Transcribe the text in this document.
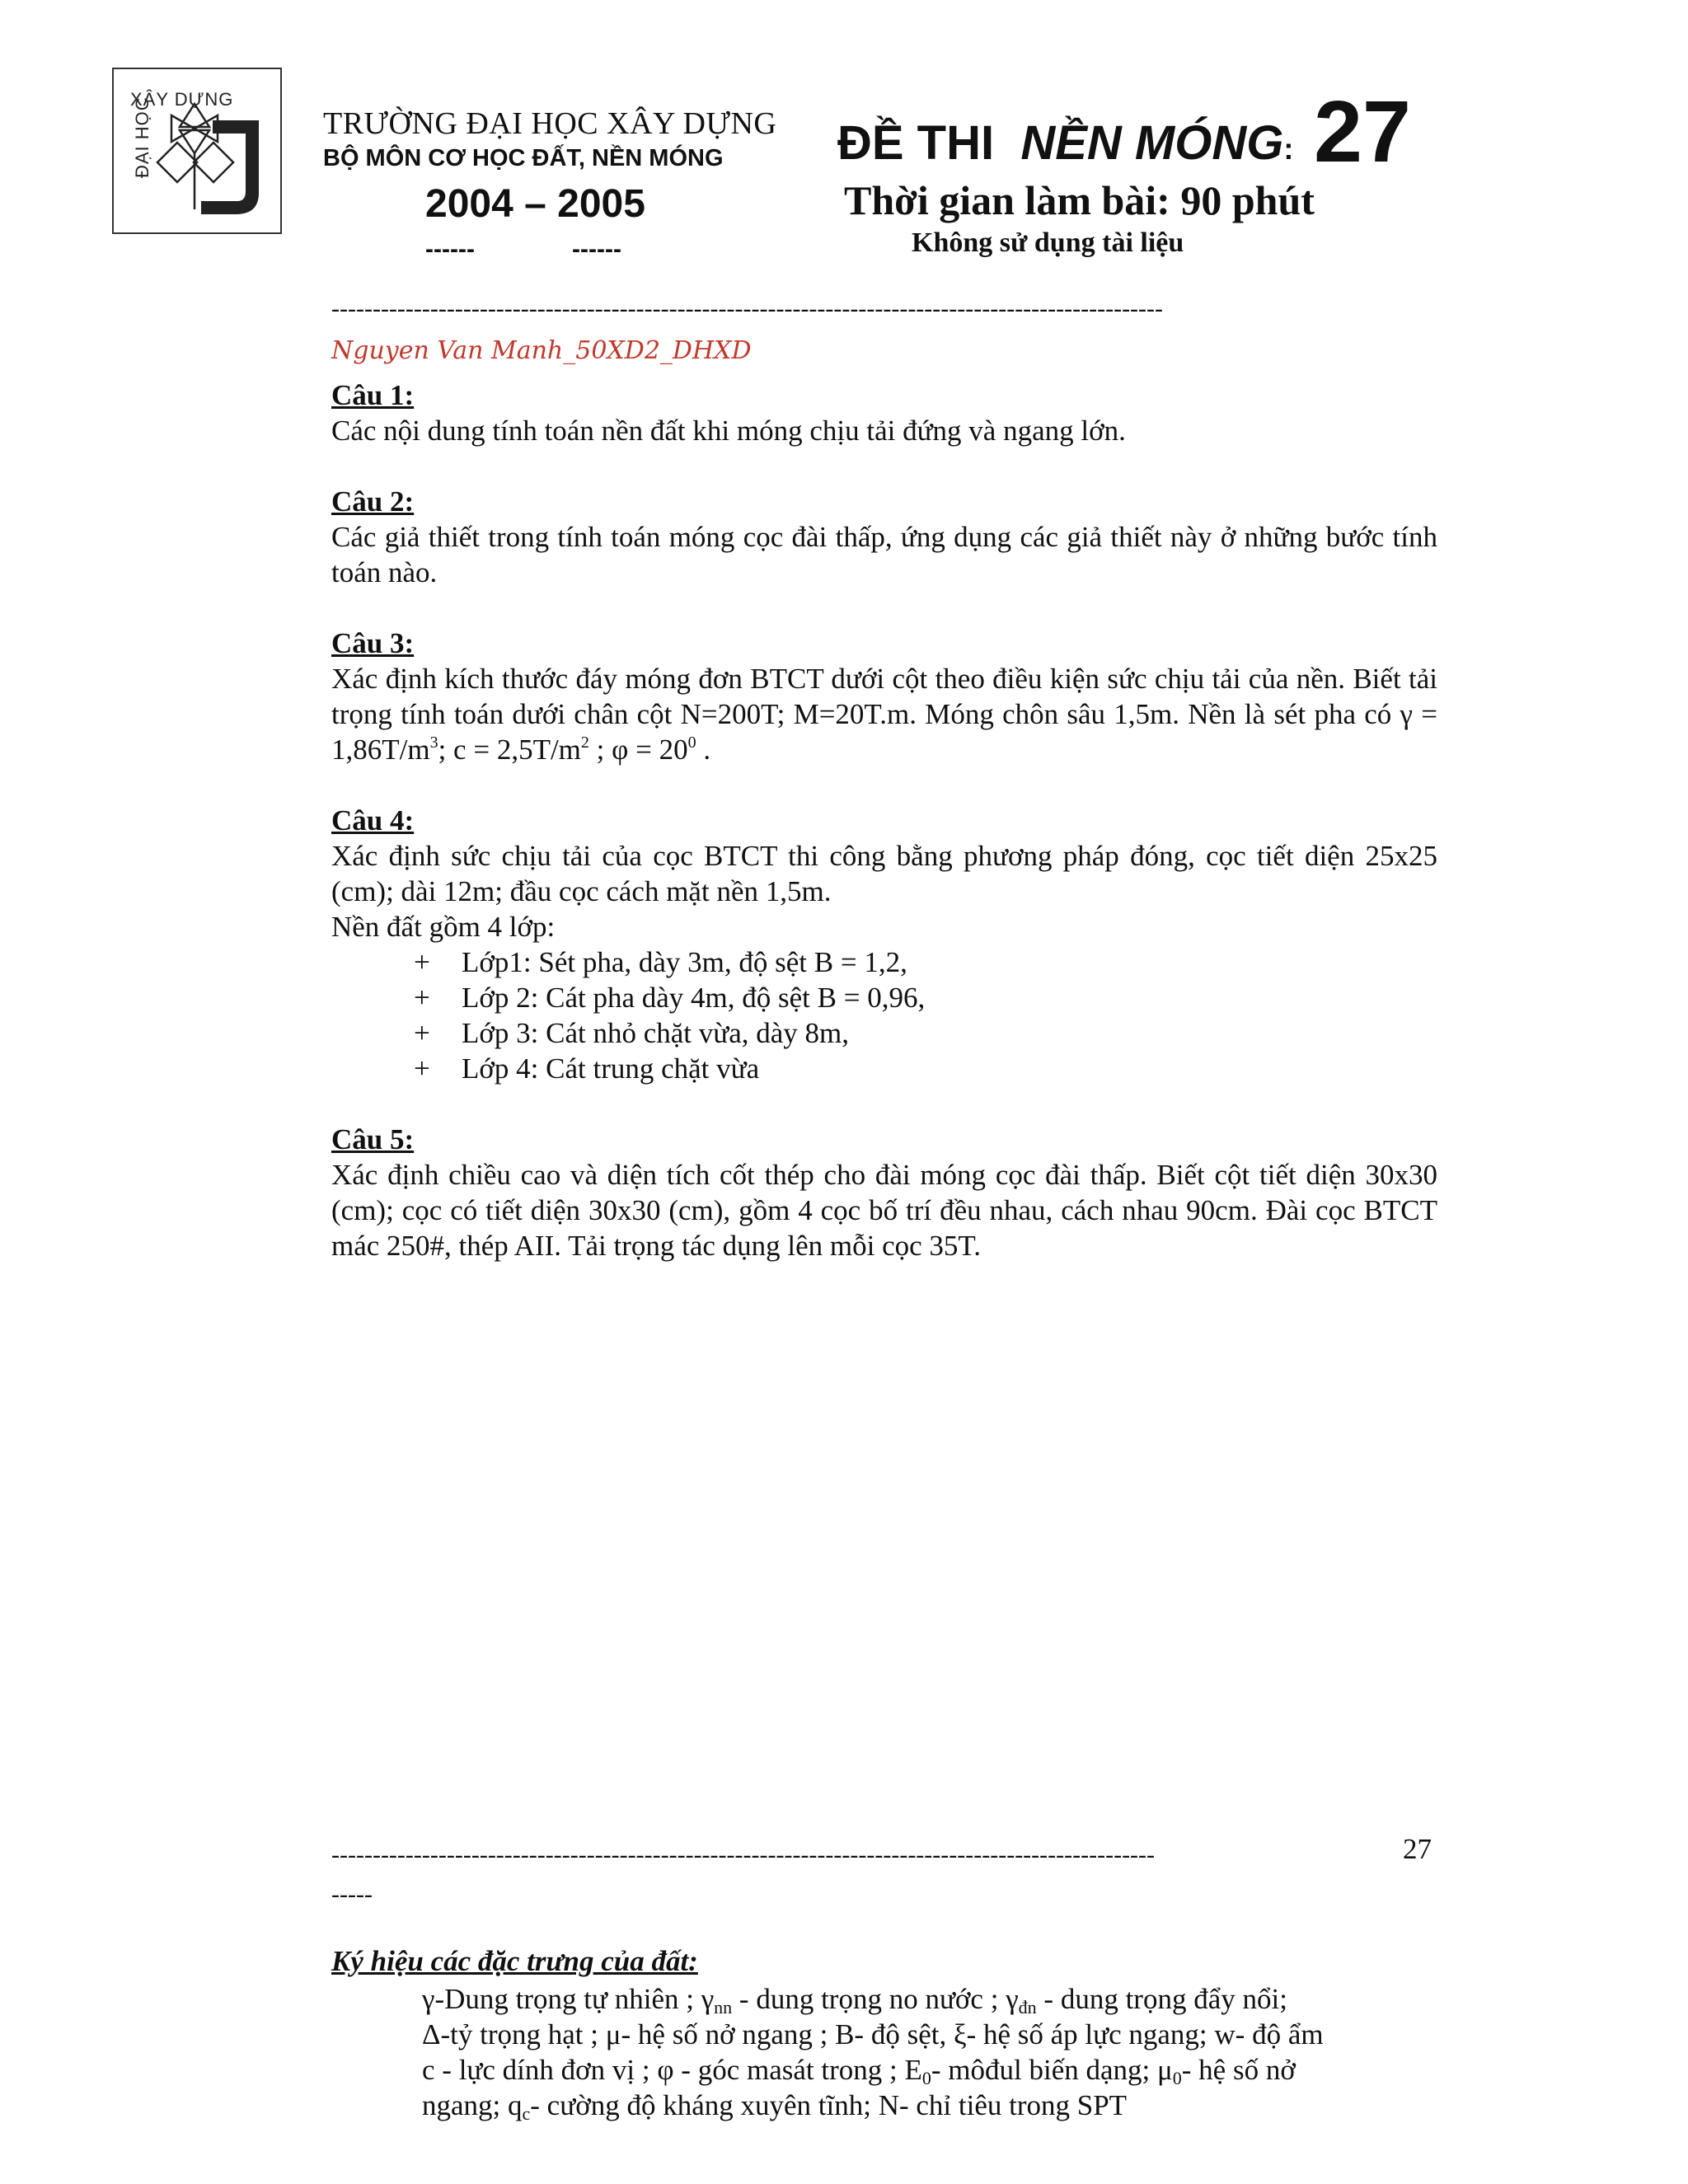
XÂY DỰNG
ĐẠI HỌC	TRƯỜNG ĐẠI HỌC XÂY DỰNG
BỘ MÔN CƠ HỌC ĐẤT, NỀN MÓNG
2004 – 2005
------	------
ĐỀ THI NỀN MÓNG: 27
Thời gian làm bài: 90 phút
Không sử dụng tài liệu
-----------------------------------------------------------------------------------------------------
Nguyen Van Manh_50XD2_DHXD
Câu 1:
Các nội dung tính toán nền đất khi móng chịu tải đứng và ngang lớn.
Câu 2:
Các giả thiết trong tính toán móng cọc đài thấp, ứng dụng các giả thiết này ở những bước tính toán nào.
Câu 3:
Xác định kích thước đáy móng đơn BTCT dưới cột theo điều kiện sức chịu tải của nền. Biết tải trọng tính toán dưới chân cột N=200T; M=20T.m. Móng chôn sâu 1,5m. Nền là sét pha có $\gamma = 1,86T/m^3$; $c = 2,5T/m^2$ ; $\varphi = 20^0$ .
Câu 4:
Xác định sức chịu tải của cọc BTCT thi công bằng phương pháp đóng, cọc tiết diện 25x25 (cm); dài 12m; đầu cọc cách mặt nền 1,5m.
Nền đất gồm 4 lớp:
+	Lớp1: Sét pha, dày 3m, độ sệt B = 1,2,
+	Lớp 2: Cát pha dày 4m, độ sệt B = 0,96,
+	Lớp 3: Cát nhỏ chặt vừa, dày 8m,
+	Lớp 4: Cát trung chặt vừa
Câu 5:
Xác định chiều cao và diện tích cốt thép cho đài móng cọc đài thấp. Biết cột tiết diện 30x30 (cm); cọc có tiết diện 30x30 (cm), gồm 4 cọc bố trí đều nhau, cách nhau 90cm. Đài cọc BTCT mác 250#, thép AII. Tải trọng tác dụng lên mỗi cọc 35T.
----------------------------------------------------------------------------------------------------
-----
27
Ký hiệu các đặc trưng của đất:
γ-Dung trọng tự nhiên ; $\gamma_{nn}$ - dung trọng no nước ; $\gamma_{đn}$ - dung trọng đẩy nổi;
Δ-tỷ trọng hạt ; μ- hệ số nở ngang ; B- độ sệt, ξ- hệ số áp lực ngang; w- độ ẩm
c - lực dính đơn vị ; φ - góc masát trong ; $E_0-$ môđul biến dạng; $\mu_0-$ hệ số nở
ngang; $q_c-$ cường độ kháng xuyên tĩnh; N- chỉ tiêu trong SPT
